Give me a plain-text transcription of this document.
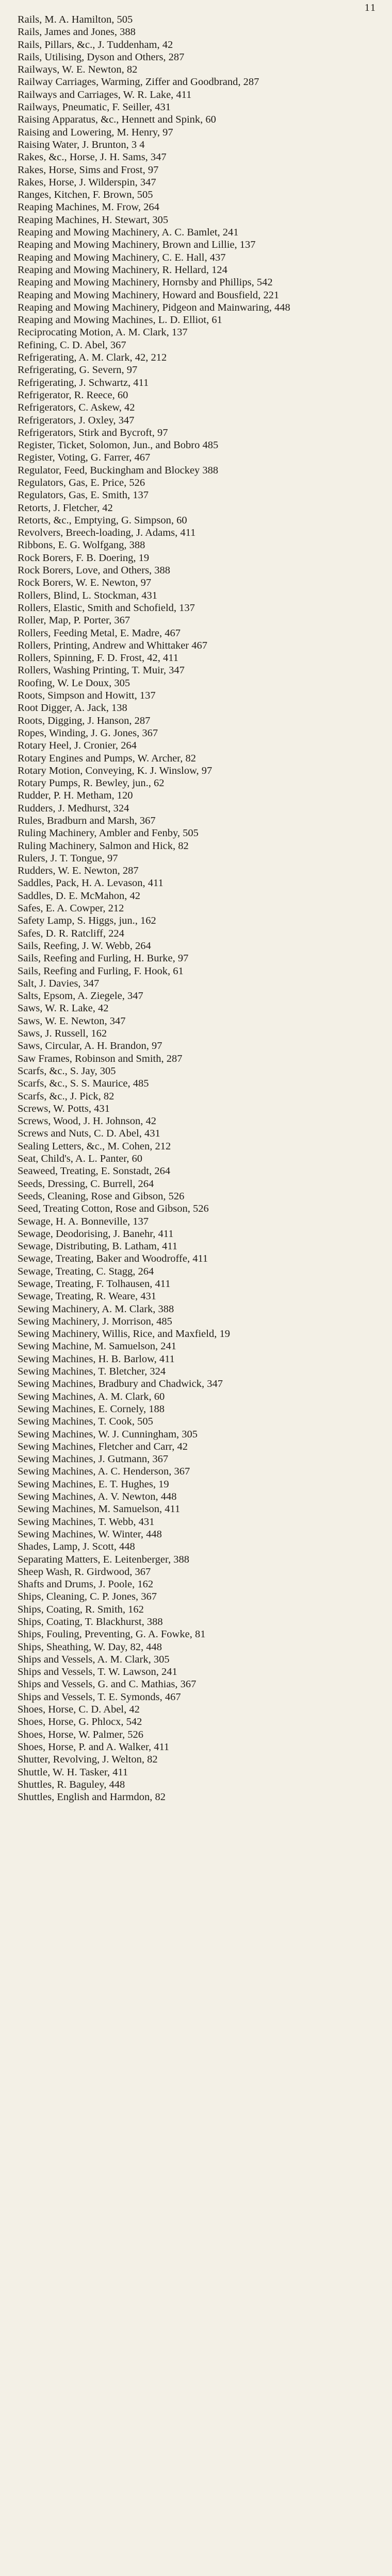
11
Rails, M. A. Hamilton, 505
Rails, James and Jones, 388
Rails, Pillars, &c., J. Tuddenham, 42
Rails, Utilising, Dyson and Others, 287
Railways, W. E. Newton, 82
Railway Carriages, Warming, Ziffer and Goodbrand, 287
Railways and Carriages, W. R. Lake, 411
Railways, Pneumatic, F. Seiller, 431
Raising Apparatus, &c., Hennett and Spink, 60
Raising and Lowering, M. Henry, 97
Raising Water, J. Brunton, 3 4
Rakes, &c., Horse, J. H. Sams, 347
Rakes, Horse, Sims and Frost, 97
Rakes, Horse, J. Wilderspin, 347
Ranges, Kitchen, F. Brown, 505
Reaping Machines, M. Frow, 264
Reaping Machines, H. Stewart, 305
Reaping and Mowing Machinery, A. C. Bamlet, 241
Reaping and Mowing Machinery, Brown and Lillie, 137
Reaping and Mowing Machinery, C. E. Hall, 437
Reaping and Mowing Machinery, R. Hellard, 124
Reaping and Mowing Machinery, Hornsby and Phillips, 542
Reaping and Mowing Machinery, Howard and Bousfield, 221
Reaping and Mowing Machinery, Pidgeon and Mainwaring, 448
Reaping and Mowing Machines, L. D. Elliot, 61
Reciprocating Motion, A. M. Clark, 137
Refining, C. D. Abel, 367
Refrigerating, A. M. Clark, 42, 212
Refrigerating, G. Severn, 97
Refrigerating, J. Schwartz, 411
Refrigerator, R. Reece, 60
Refrigerators, C. Askew, 42
Refrigerators, J. Oxley, 347
Refrigerators, Stirk and Bycroft, 97
Register, Ticket, Solomon, Jun., and Bobro 485
Register, Voting, G. Farrer, 467
Regulator, Feed, Buckingham and Blockey 388
Regulators, Gas, E. Price, 526
Regulators, Gas, E. Smith, 137
Retorts, J. Fletcher, 42
Retorts, &c., Emptying, G. Simpson, 60
Revolvers, Breech-loading, J. Adams, 411
Ribbons, E. G. Wolfgang, 388
Rock Borers, F. B. Doering, 19
Rock Borers, Love, and Others, 388
Rock Borers, W. E. Newton, 97
Rollers, Blind, L. Stockman, 431
Rollers, Elastic, Smith and Schofield, 137
Roller, Map, P. Porter, 367
Rollers, Feeding Metal, E. Madre, 467
Rollers, Printing, Andrew and Whittaker 467
Rollers, Spinning, F. D. Frost, 42, 411
Rollers, Washing Printing, T. Muir, 347
Roofing, W. Le Doux, 305
Roots, Simpson and Howitt, 137
Root Digger, A. Jack, 138
Roots, Digging, J. Hanson, 287
Ropes, Winding, J. G. Jones, 367
Rotary Heel, J. Cronier, 264
Rotary Engines and Pumps, W. Archer, 82
Rotary Motion, Conveying, K. J. Winslow, 97
Rotary Pumps, R. Bewley, jun., 62
Rudder, P. H. Metham, 120
Rudders, J. Medhurst, 324
Rules, Bradburn and Marsh, 367
Ruling Machinery, Ambler and Fenby, 505
Ruling Machinery, Salmon and Hick, 82
Rulers, J. T. Tongue, 97
Rudders, W. E. Newton, 287
Saddles, Pack, H. A. Levason, 411
Saddles, D. E. McMahon, 42
Safes, E. A. Cowper, 212
Safety Lamp, S. Higgs, jun., 162
Safes, D. R. Ratcliff, 224
Sails, Reefing, J. W. Webb, 264
Sails, Reefing and Furling, H. Burke, 97
Sails, Reefing and Furling, F. Hook, 61
Salt, J. Davies, 347
Salts, Epsom, A. Ziegele, 347
Saws, W. R. Lake, 42
Saws, W. E. Newton, 347
Saws, J. Russell, 162
Saws, Circular, A. H. Brandon, 97
Saw Frames, Robinson and Smith, 287
Scarfs, &c., S. Jay, 305
Scarfs, &c., S. S. Maurice, 485
Scarfs, &c., J. Pick, 82
Screws, W. Potts, 431
Screws, Wood, J. H. Johnson, 42
Screws and Nuts, C. D. Abel, 431
Sealing Letters, &c., M. Cohen, 212
Seat, Child's, A. L. Panter, 60
Seaweed, Treating, E. Sonstadt, 264
Seeds, Dressing, C. Burrell, 264
Seeds, Cleaning, Rose and Gibson, 526
Seed, Treating Cotton, Rose and Gibson, 526
Sewage, H. A. Bonneville, 137
Sewage, Deodorising, J. Banehr, 411
Sewage, Distributing, B. Latham, 411
Sewage, Treating, Baker and Woodroffe, 411
Sewage, Treating, C. Stagg, 264
Sewage, Treating, F. Tolhausen, 411
Sewage, Treating, R. Weare, 431
Sewing Machinery, A. M. Clark, 388
Sewing Machinery, J. Morrison, 485
Sewing Machinery, Willis, Rice, and Maxfield, 19
Sewing Machine, M. Samuelson, 241
Sewing Machines, H. B. Barlow, 411
Sewing Machines, T. Bletcher, 324
Sewing Machines, Bradbury and Chadwick, 347
Sewing Machines, A. M. Clark, 60
Sewing Machines, E. Cornely, 188
Sewing Machines, T. Cook, 505
Sewing Machines, W. J. Cunningham, 305
Sewing Machines, Fletcher and Carr, 42
Sewing Machines, J. Gutmann, 367
Sewing Machines, A. C. Henderson, 367
Sewing Machines, E. T. Hughes, 19
Sewing Machines, A. V. Newton, 448
Sewing Machines, M. Samuelson, 411
Sewing Machines, T. Webb, 431
Sewing Machines, W. Winter, 448
Shades, Lamp, J. Scott, 448
Separating Matters, E. Leitenberger, 388
Sheep Wash, R. Girdwood, 367
Shafts and Drums, J. Poole, 162
Ships, Cleaning, C. P. Jones, 367
Ships, Coating, R. Smith, 162
Ships, Coating, T. Blackhurst, 388
Ships, Fouling, Preventing, G. A. Fowke, 81
Ships, Sheathing, W. Day, 82, 448
Ships and Vessels, A. M. Clark, 305
Ships and Vessels, T. W. Lawson, 241
Ships and Vessels, G. and C. Mathias, 367
Ships and Vessels, T. E. Symonds, 467
Shoes, Horse, C. D. Abel, 42
Shoes, Horse, G. Phlocx, 542
Shoes, Horse, W. Palmer, 526
Shoes, Horse, P. and A. Walker, 411
Shutter, Revolving, J. Welton, 82
Shuttle, W. H. Tasker, 411
Shuttles, R. Baguley, 448
Shuttles, English and Harmdon, 82
